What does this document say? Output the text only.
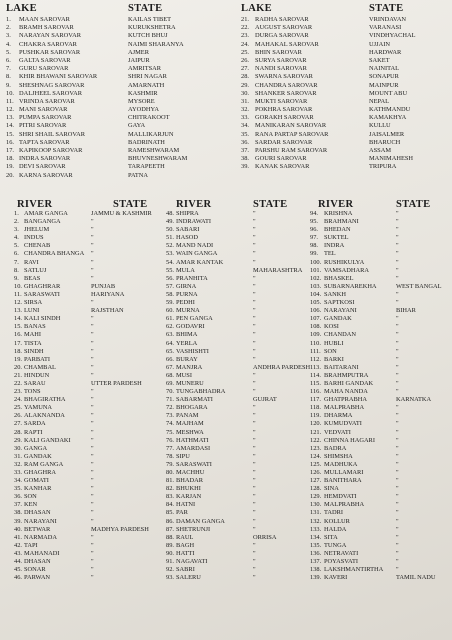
LAKE	STATE	LAKE	STATE
1. MAAN SAROVAR	KAILAS TIBET
2. BRAMH SAROVAR	KURUKSHETRA
3. NARAYAN SAROVAR	KUTCH BHUJ
4. CHAKRA SAROVAR	NAIMI SHARANYA
5. PUSHKAR SAROVAR	AJMER
6. GALTA SAROVAR	JAIPUR
7. GURU SAROVAR	AMRITSAR
8. KHIR BHAWANI SAROVAR	SHRI NAGAR
9. SHESHNAG SAROVAR	AMARNATH
10. DALJHEEL SAROVAR	KASHMIR
11. VRINDA SAROVAR	MYSORE
12. MANI SAROVAR	AYODHYA
13. PUMPA SAROVAR	CHITRAKOOT
14. PITRI SAROVAR	GAYA
15. SHRI SHAIL SAROVAR	MALLIKARJUN
16. TAPTA SAROVAR	BADRINATH
17. KAPIKOOP SAROVAR	RAMESHWARAM
18. INDRA SAROVAR	BHUVNESHWARAM
19. DEVI SAROVAR	TARAPEETH
20. KARNA SAROVAR	PATNA
21. RADHA SAROVAR	VRINDAVAN
22. AUGUST SAROVAR	VARANASI
23. DURGA SAROVAR	VINDHYACHAL
24. MAHAKAL SAROVAR	UJJAIN
25. BHIN SAROVAR	HARDWAR
26. SURYA SAROVAR	SAKET
27. NANDI SAROVAR	NAINITAL
28. SWARNA SAROVAR	SONAPUR
29. CHANDRA SAROVAR	MAINPUR
30. SHANKER SAROVAR	MOUNT ABU
31. MUKTI SAROVAR	NEPAL
32. POKHRA SAROVAR	KATHMANDU
33. GORAKH SAROVAR	KAMAKHYA
34. MANIKARAN SAROVAR	KULLU
35. RANA PARTAP SAROVAR	JAISALMER
36. SARDAR SAROVAR	BHARUCH
37. PARSHU RAM SAROVAR	ASSAM
38. GOURI SAROVAR	MANIMAHESH
39. KANAK SAROVAR	TRIPURA
RIVER	STATE	RIVER	STATE	RIVER	STATE
1. AMAR GANGA	JAMMU & KASHMIR
2. BANGANGA	"
3. JHELUM	"
4. INDUS	"
5. CHENAB	"
6. CHANDRA BHANGA "
7. RAVI	"
8. SATLUJ	"
9. BEAS	"
10. GHAGHRAR	PUNJAB
11. SARASWATI	HARIYANA
12. SIRSA	"
13. LUNI	RAJSTHAN
14. KALI SINDH	"
15. BANAS	"
16. MAHI	"
17. TISTA	"
18. SINDH	"
19. PARBATI	"
20. CHAMBAL	"
21. HINDUN	"
22. SARAU	UTTER PARDESH
23. TONS	"
24. BHAGIRATHA	"
25. YAMUNA	"
26. ALAKNANDA	"
27. SARDA	"
28. RAPTI	"
29. KALI GANDAKI	"
30. GANGA	"
31. GANDAK	"
32. RAM GANGA	"
33. GHAGHRA	"
34. GOMATI	"
35. KANHAR	"
36. SON	"
37. KEN	"
38. DHASAN	"
39. NARAYANI	"
40. BETWAR	MADHYA PARDESH
41. NARMADA	"
42. TAPI	"
43. MAHANADI	"
44. DHASAN	"
45. SONAR	"
46. PARWAN	"
48. SHIPRA	"
49. INDRAWATI	"
50. SABARI	"
51. HASOD	"
52. MAND NADI	"
53. WAIN GANGA	"
54. AMAR KANTAK	"
55. MULA	MAHARASHTRA
56. PRANHITA	"
57. GIRNA	"
58. PURNA	"
59. PEDHI	"
60. MURNA	"
61. PEN GANGA	"
62. GODAVRI	"
63. BHIMA	"
64. YERLA	"
65. VASHISHTI	"
66. BURAY	"
67. MANJRA	ANDHRA PARDESH
68. MUSI	"
69. MUNERU	"
70. TUNGABHADRA	"
71. SABARMATI	GUJRAT
72. BHOGARA	"
73. PANAM	"
74. MAJHAM	"
75. MESHWA	"
76. HATHMATI	"
77. AMARDASI	"
78. SIPU	"
79. SARASWATI	"
80. MACHHU	"
81. BHADAR	"
82. BHUKHI	"
83. KARJAN	"
84. HATNI	"
85. PAR	"
86. DAMAN GANGA	"
87. SHETRUNJI	"
88. RAUL	ORRISA
89. BAGH	"
90. HATTI	"
91. NAGAVATI	"
92. SABRI	"
93. SALERU	"
94. KRISHNA	"
95. BRAHMANI	"
96. BHEDAN	"
97. SUKTEL	"
98. INDRA	"
99. TEL	"
100. RUSHIKULYA	"
101. VAMSADHARA	"
102. BHASKEL	"
103. SUBARNAREKHA	WEST BANGAL
104. SANKH	"
105. SAPTKOSI	"
106. NARAYANI	BIHAR
107. GANDAK	"
108. KOSI	"
109. CHANDAN	"
110. HUBLI	"
111. SON	"
112. BARKI	"
113. BAITARANI	"
114. BRAHMPUTRA	"
115. BARHI GANDAK	"
116. MAHA NANDA	"
117. GHATPRABHA	KARNATKA
118. MALPRABHA	"
119. DHARMA	"
120. KUMUDVATI	"
121. VEDVATI	"
122. CHINNA HAGARI	"
123. BADRA	"
124. SHIMSHA	"
125. MADHUKA	"
126. MULLAMARI	"
127. BANITHARA	"
128. SINA	"
129. HEMDVATI	"
130. MALPRABHA	"
131. TADRI	"
132. KOLLUR	"
133. HALDA	"
134. SITA	"
135. TUNGA	"
136. NETRAVATI	"
137. POYASVATI	"
138. LAKSHMANTIRTHA "
139. KAVERI	TAMIL NADU
